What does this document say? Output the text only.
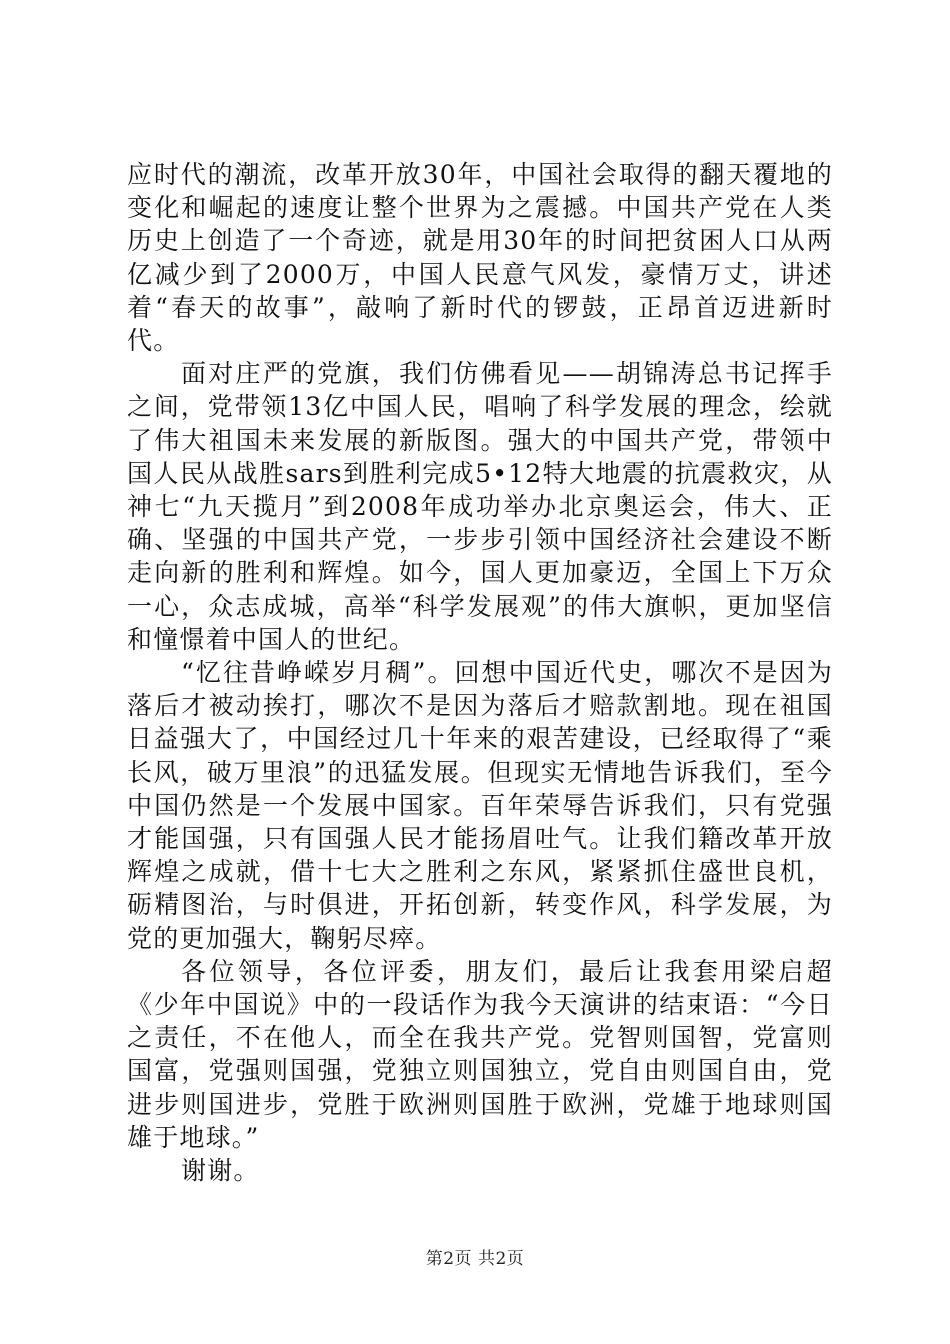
应时代的潮流，改革开放30年，中国社会取得的翻天覆地的变化和崛起的速度让整个世界为之震撼。中国共产党在人类历史上创造了一个奇迹，就是用30年的时间把贫困人口从两亿减少到了2000万，中国人民意气风发，豪情万丈，讲述着“春天的故事”，敲响了新时代的锣鼓，正昂首迈进新时代。

面对庄严的党旗，我们仿佛看见——胡锦涛总书记挥手之间，党带领13亿中国人民，唱响了科学发展的理念，绘就了伟大祖国未来发展的新版图。强大的中国共产党，带领中国人民从战胜sars到胜利完成5•12特大地震的抗震救灾，从神七“九天揽月”到2008年成功举办北京奥运会，伟大、正确、坚强的中国共产党，一步步引领中国经济社会建设不断走向新的胜利和辉煌。如今，国人更加豪迈，全国上下万众一心，众志成城，高举“科学发展观”的伟大旗帜，更加坚信和憧憬着中国人的世纪。

“忆往昔峥嵘岁月稠”。回想中国近代史，哪次不是因为落后才被动挨打，哪次不是因为落后才赔款割地。现在祖国日益强大了，中国经过几十年来的艰苦建设，已经取得了“乘长风，破万里浪”的迅猛发展。但现实无情地告诉我们，至今中国仍然是一个发展中国家。百年荣辱告诉我们，只有党强才能国强，只有国强人民才能扬眉吐气。让我们籍改革开放辉煌之成就，借十七大之胜利之东风，紧紧抓住盛世良机，砺精图治，与时俱进，开拓创新，转变作风，科学发展，为党的更加强大，鞠躬尽瘁。

各位领导，各位评委，朋友们，最后让我套用梁启超《少年中国说》中的一段话作为我今天演讲的结束语：“今日之责任，不在他人，而全在我共产党。党智则国智，党富则国富，党强则国强，党独立则国独立，党自由则国自由，党进步则国进步，党胜于欧洲则国胜于欧洲，党雄于地球则国雄于地球。”

谢谢。

第2页 共2页
